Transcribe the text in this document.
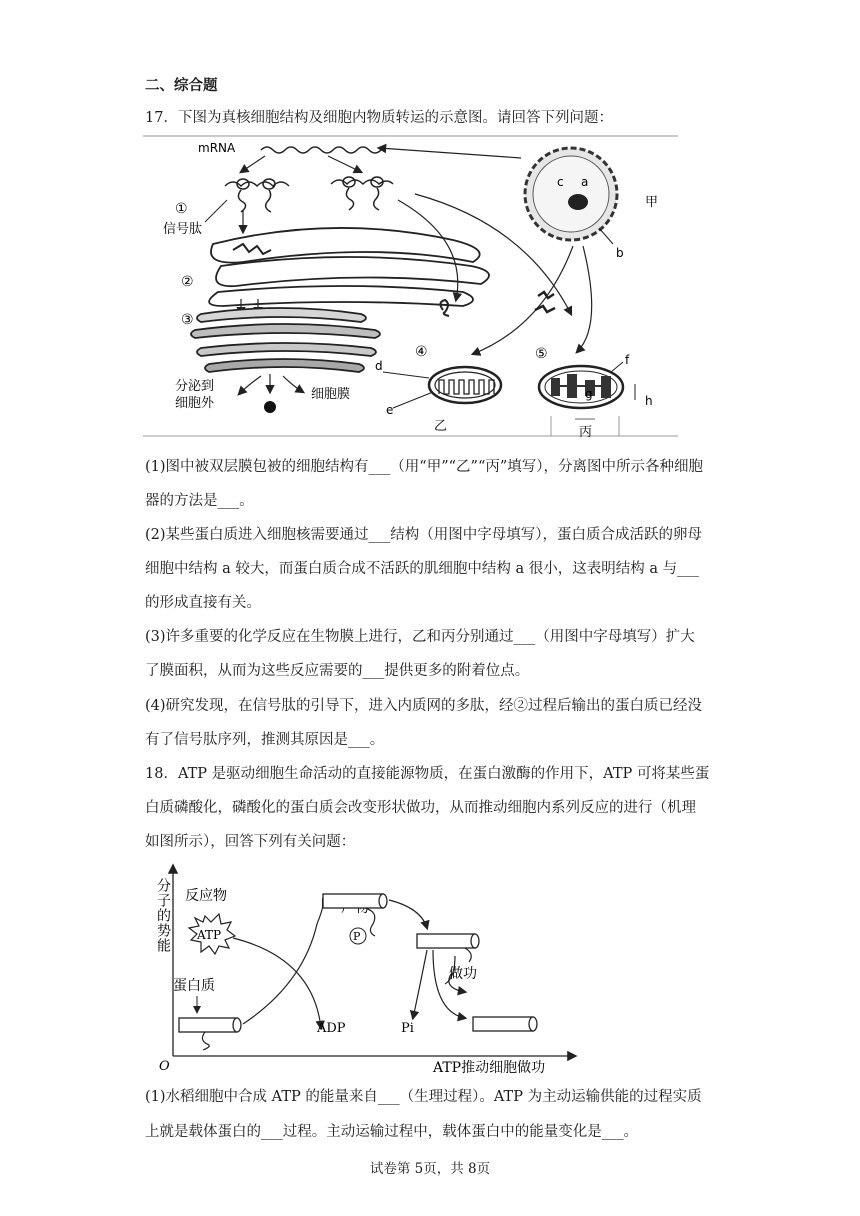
二、综合题
17．下图为真核细胞结构及细胞内物质转运的示意图。请回答下列问题：
mRNA
①
信号肽
②
③
分泌到
细胞外
细胞膜
c a
甲
b
④
d
e
乙
⑤	f
g	h
丙
(1)图中被双层膜包被的细胞结构有___（用“甲”“乙”“丙”填写），分离图中所示各种细胞
器的方法是___。
(2)某些蛋白质进入细胞核需要通过___结构（用图中字母填写），蛋白质合成活跃的卵母
细胞中结构 a 较大，而蛋白质合成不活跃的肌细胞中结构 a 很小，这表明结构 a 与___
的形成直接有关。
(3)许多重要的化学反应在生物膜上进行，乙和丙分别通过___（用图中字母填写）扩大
了膜面积，从而为这些反应需要的___提供更多的附着位点。
(4)研究发现，在信号肽的引导下，进入内质网的多肽，经②过程后输出的蛋白质已经没
有了信号肽序列，推测其原因是___。
18．ATP 是驱动细胞生命活动的直接能源物质，在蛋白激酶的作用下，ATP 可将某些蛋
白质磷酸化，磷酸化的蛋白质会改变形状做功，从而推动细胞内系列反应的进行（机理
如图所示），回答下列有关问题：
分子的势能
O	ATP推动细胞做功
反应物
ATP
蛋白质
ADP
P
做功
Pi
(1)水稻细胞中合成 ATP 的能量来自___（生理过程）。ATP 为主动运输供能的过程实质
上就是载体蛋白的___过程。主动运输过程中，载体蛋白中的能量变化是___。
试卷第 5页，共 8页
